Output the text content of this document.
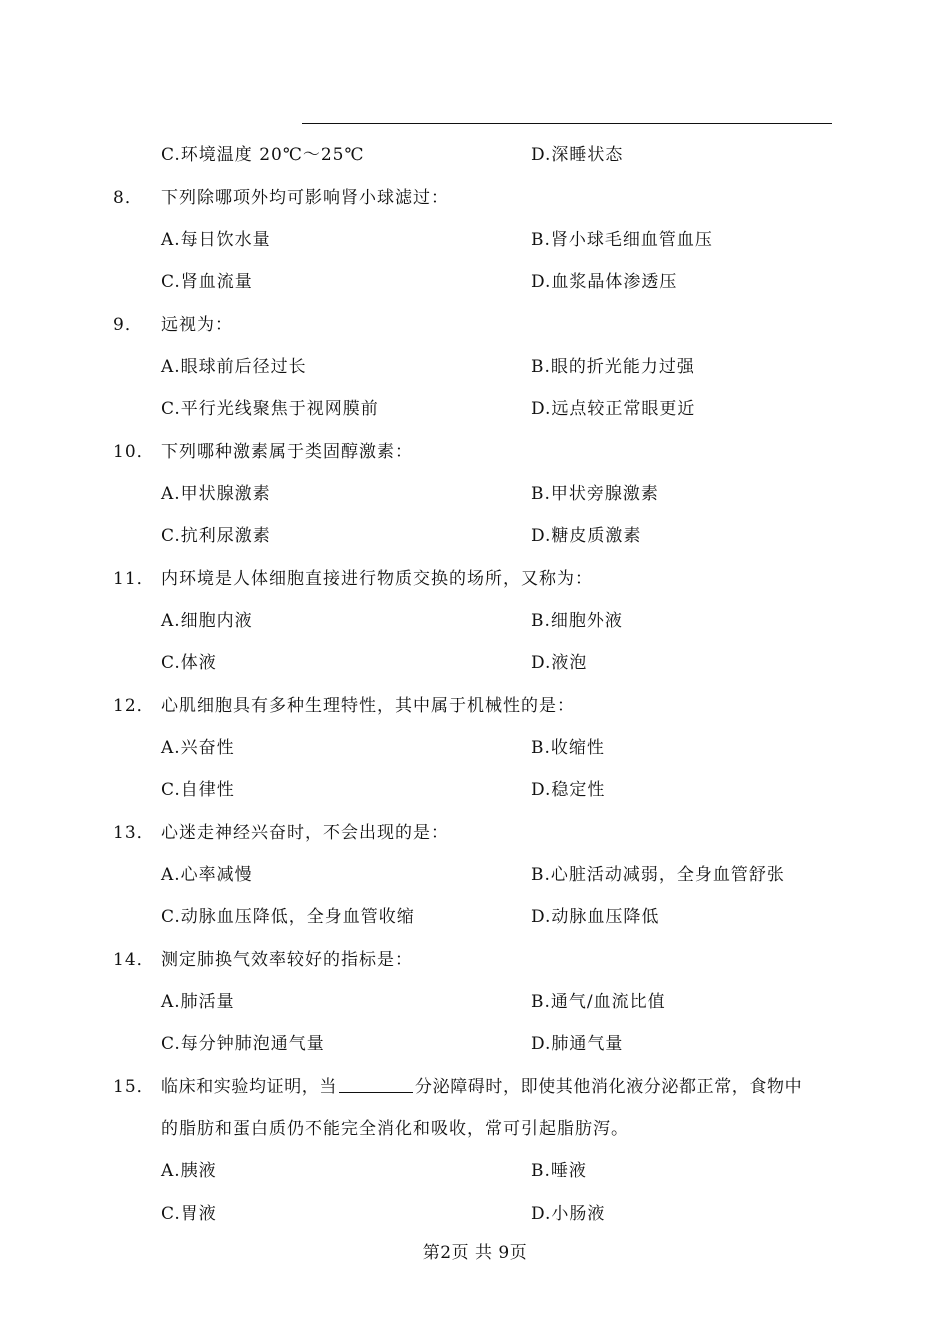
C.环境温度 20℃～25℃	D.深睡状态
8． 下列除哪项外均可影响肾小球滤过：
A.每日饮水量	B.肾小球毛细血管血压
C.肾血流量	D.血浆晶体渗透压
9． 远视为：
A.眼球前后径过长	B.眼的折光能力过强
C.平行光线聚焦于视网膜前	D.远点较正常眼更近
10． 下列哪种激素属于类固醇激素：
A.甲状腺激素	B.甲状旁腺激素
C.抗利尿激素	D.糖皮质激素
11． 内环境是人体细胞直接进行物质交换的场所，又称为：
A.细胞内液	B.细胞外液
C.体液	D.液泡
12． 心肌细胞具有多种生理特性，其中属于机械性的是：
A.兴奋性	B.收缩性
C.自律性	D.稳定性
13． 心迷走神经兴奋时，不会出现的是：
A.心率减慢	B.心脏活动减弱，全身血管舒张
C.动脉血压降低，全身血管收缩	D.动脉血压降低
14． 测定肺换气效率较好的指标是：
A.肺活量	B.通气/血流比值
C.每分钟肺泡通气量	D.肺通气量
15． 临床和实验均证明，当	分泌障碍时，即使其他消化液分泌都正常，食物中
的脂肪和蛋白质仍不能完全消化和吸收，常可引起脂肪泻。
A.胰液	B.唾液
C.胃液	D.小肠液
第2页 共 9页
